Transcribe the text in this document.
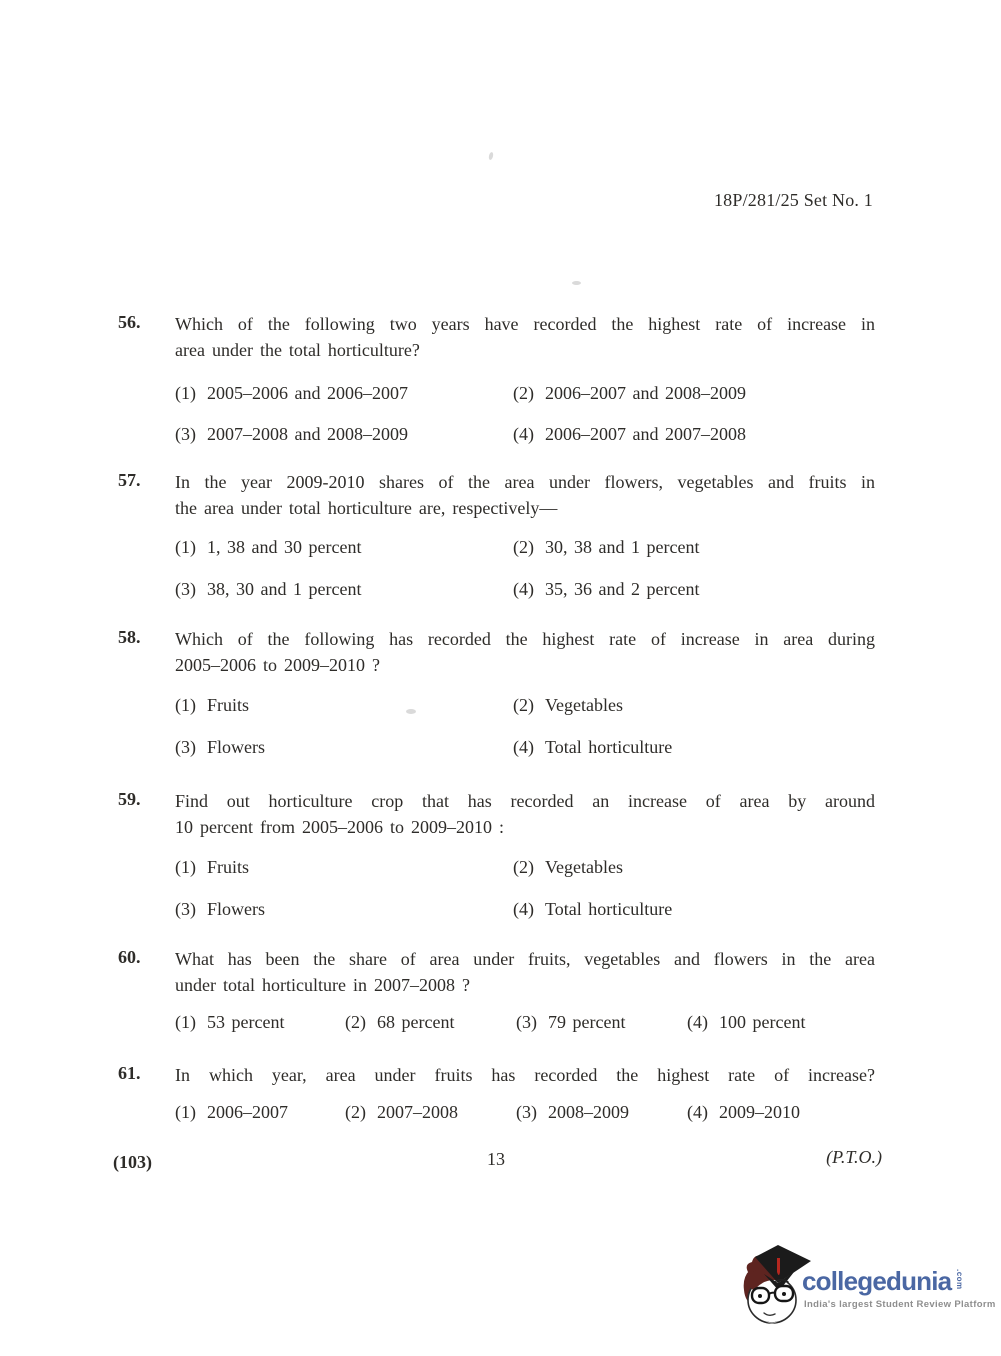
18P/281/25 Set No. 1
56. Which of the following two years have recorded the highest rate of increase in
area under the total horticulture?
(1) 2005–2006 and 2006–2007	(2) 2006–2007 and 2008–2009
(3) 2007–2008 and 2008–2009	(4) 2006–2007 and 2007–2008
57. In the year 2009-2010 shares of the area under flowers, vegetables and fruits in
the area under total horticulture are, respectively—
(1) 1, 38 and 30 percent	(2) 30, 38 and 1 percent
(3) 38, 30 and 1 percent	(4) 35, 36 and 2 percent
58. Which of the following has recorded the highest rate of increase in area during
2005–2006 to 2009–2010 ?
(1) Fruits	(2) Vegetables
(3) Flowers	(4) Total horticulture
59. Find out horticulture crop that has recorded an increase of area by around
10 percent from 2005–2006 to 2009–2010 :
(1) Fruits	(2) Vegetables
(3) Flowers	(4) Total horticulture
60. What has been the share of area under fruits, vegetables and flowers in the area
under total horticulture in 2007–2008 ?
(1) 53 percent	(2) 68 percent	(3) 79 percent	(4) 100 percent
61. In which year, area under fruits has recorded the highest rate of increase?
(1) 2006–2007	(2) 2007–2008	(3) 2008–2009	(4) 2009–2010
(103)	13	(P.T.O.)
collegedunia .com
India's largest Student Review Platform
